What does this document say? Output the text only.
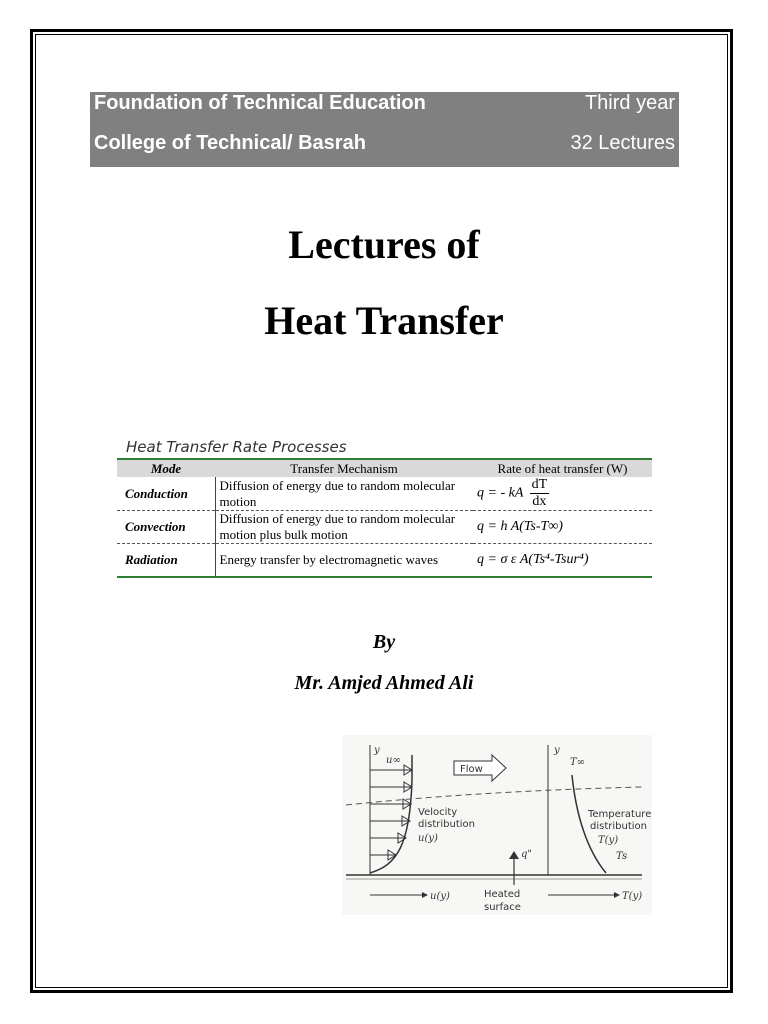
Foundation of Technical Education	Third year
College of Technical/ Basrah	32 Lectures
Lectures of
Heat Transfer
Heat Transfer Rate Processes
Mode	Transfer Mechanism	Rate of heat transfer (W)
Conduction	Diffusion of energy due to random molecular motion	q = - kA $\frac{dT}{dx}$

Convection	Diffusion of energy due to random molecular motion plus bulk motion	q = h A(Ts-T∞)
Radiation	Energy transfer by electromagnetic waves	q = σ ε A(Ts⁴-Tsur⁴)
By
Mr. Amjed Ahmed Ali
Flow
y
u∞
Velocity
distribution
u(y)
q"
y
T∞
Temperature
distribution
T(y)
Ts
u(y)	Heated
surface
T(y)
